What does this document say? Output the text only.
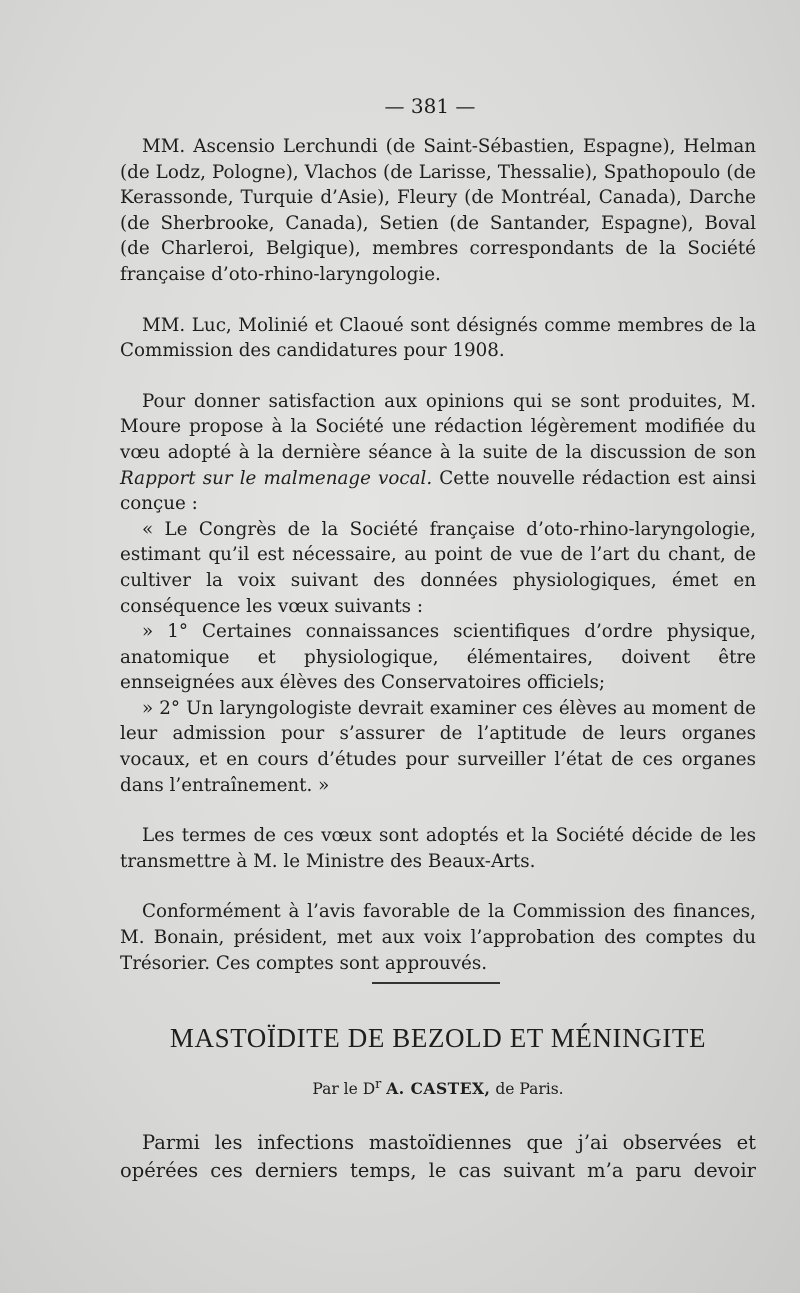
— 381 —

MM. Ascensio Lerchundi (de Saint-Sébastien, Espagne), Helman (de Lodz, Pologne), Vlachos (de Larisse, Thessalie), Spathopoulo (de Kerassonde, Turquie d’Asie), Fleury (de Montréal, Canada), Darche (de Sherbrooke, Canada), Setien (de Santander, Espagne), Boval (de Charleroi, Belgique), membres correspondants de la Société française d’oto-rhino-laryngologie.

MM. Luc, Molinié et Claoué sont désignés comme membres de la Commission des candidatures pour 1908.

Pour donner satisfaction aux opinions qui se sont produites, M. Moure propose à la Société une rédaction légèrement modifiée du vœu adopté à la dernière séance à la suite de la discussion de son Rapport sur le malmenage vocal. Cette nouvelle rédaction est ainsi conçue :

« Le Congrès de la Société française d’oto-rhino-laryngologie, estimant qu’il est nécessaire, au point de vue de l’art du chant, de cultiver la voix suivant des données physiologiques, émet en conséquence les vœux suivants :

» 1° Certaines connaissances scientifiques d’ordre physique, anatomique et physiologique, élémentaires, doivent être ennseignées aux élèves des Conservatoires officiels;

» 2° Un laryngologiste devrait examiner ces élèves au moment de leur admission pour s’assurer de l’aptitude de leurs organes vocaux, et en cours d’études pour surveiller l’état de ces organes dans l’entraînement. »

Les termes de ces vœux sont adoptés et la Société décide de les transmettre à M. le Ministre des Beaux-Arts.

Conformément à l’avis favorable de la Commission des finances, M. Bonain, président, met aux voix l’approbation des comptes du Trésorier. Ces comptes sont approuvés.

MASTOÏDITE DE BEZOLD ET MÉNINGITE
Par le $D^r$ A. CASTEX, de Paris.

Parmi les infections mastoïdiennes que j’ai observées et opérées ces derniers temps, le cas suivant m’a paru devoir
